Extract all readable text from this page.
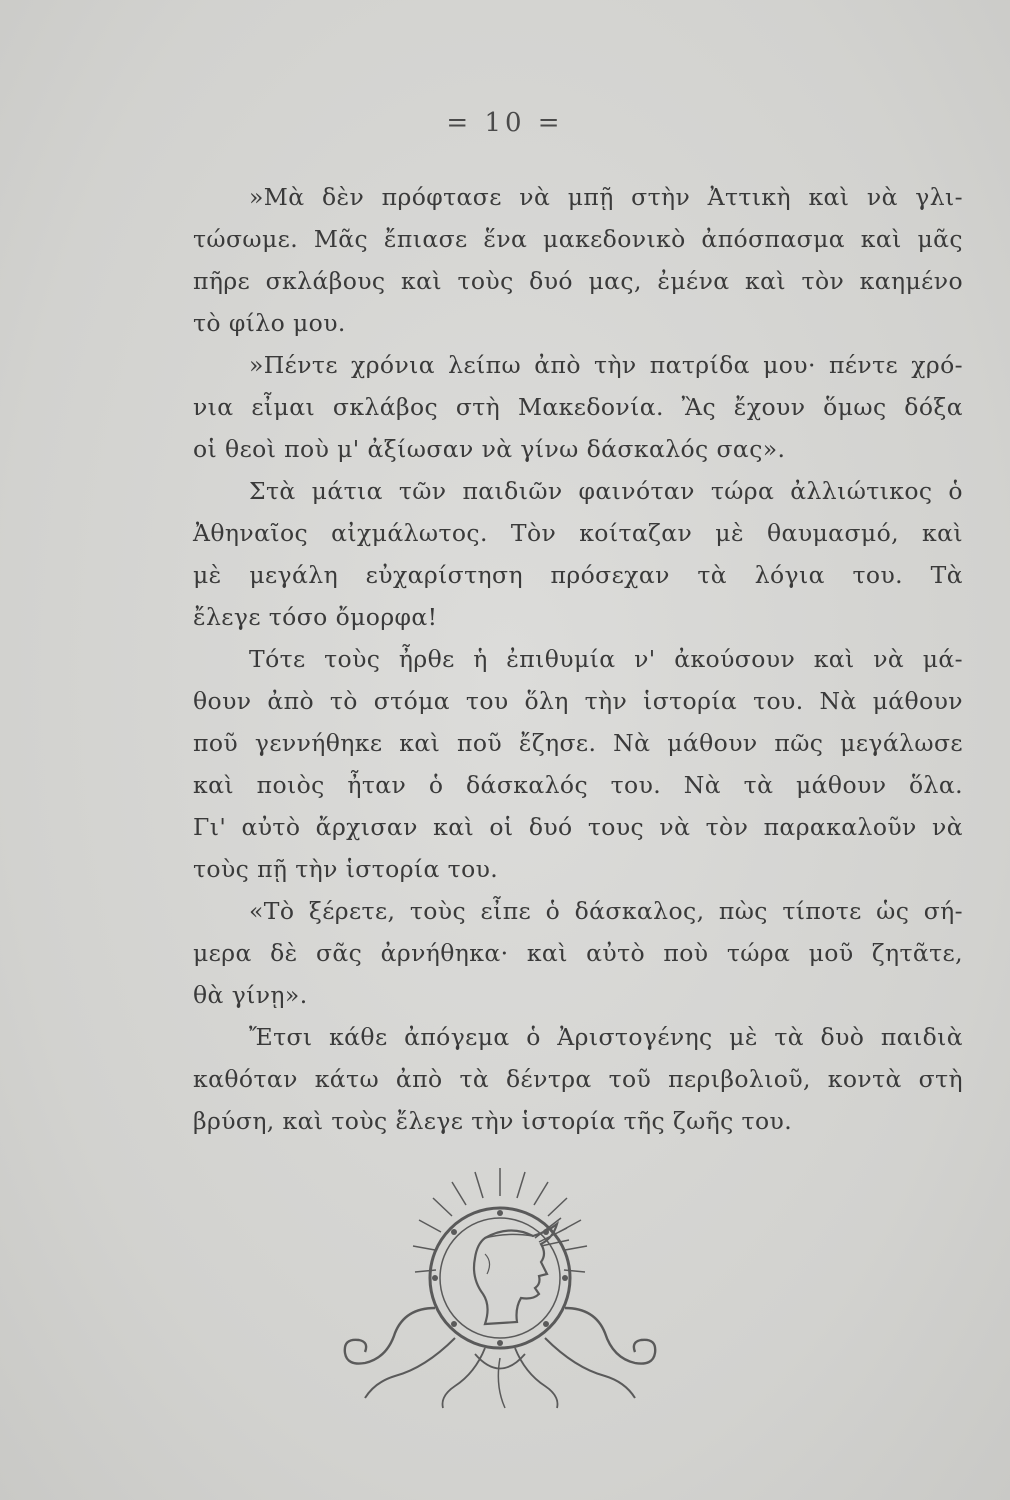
= 10 =
»Μὰ δὲν πρόφτασε νὰ μπῇ στὴν Ἀττικὴ καὶ νὰ γλι-
τώσωμε. Μᾶς ἔπιασε ἕνα μακεδονικὸ ἀπόσπασμα καὶ μᾶς
πῆρε σκλάβους καὶ τοὺς δυό μας, ἐμένα καὶ τὸν καημένο
τὸ φίλο μου.
»Πέντε χρόνια λείπω ἀπὸ τὴν πατρίδα μου· πέντε χρό-
νια εἶμαι σκλάβος στὴ Μακεδονία. Ἂς ἔχουν ὅμως δόξα
οἱ θεοὶ ποὺ μ' ἀξίωσαν νὰ γίνω δάσκαλός σας».
Στὰ μάτια τῶν παιδιῶν φαινόταν τώρα ἀλλιώτικος ὁ
Ἀθηναῖος αἰχμάλωτος. Τὸν κοίταζαν μὲ θαυμασμό, καὶ
μὲ μεγάλη εὐχαρίστηση πρόσεχαν τὰ λόγια του. Τὰ
ἔλεγε τόσο ὄμορφα!
Τότε τοὺς ἦρθε ἡ ἐπιθυμία ν' ἀκούσουν καὶ νὰ μά-
θουν ἀπὸ τὸ στόμα του ὅλη τὴν ἱστορία του. Νὰ μάθουν
ποῦ γεννήθηκε καὶ ποῦ ἔζησε. Νὰ μάθουν πῶς μεγάλωσε
καὶ ποιὸς ἦταν ὁ δάσκαλός του. Νὰ τὰ μάθουν ὅλα.
Γι' αὐτὸ ἄρχισαν καὶ οἱ δυό τους νὰ τὸν παρακαλοῦν νὰ
τοὺς πῇ τὴν ἱστορία του.
«Τὸ ξέρετε, τοὺς εἶπε ὁ δάσκαλος, πὼς τίποτε ὡς σή-
μερα δὲ σᾶς ἀρνήθηκα· καὶ αὐτὸ ποὺ τώρα μοῦ ζητᾶτε,
θὰ γίνῃ».
Ἔτσι κάθε ἀπόγεμα ὁ Ἀριστογένης μὲ τὰ δυὸ παιδιὰ
καθόταν κάτω ἀπὸ τὰ δέντρα τοῦ περιβολιοῦ, κοντὰ στὴ
βρύση, καὶ τοὺς ἔλεγε τὴν ἱστορία τῆς ζωῆς του.
